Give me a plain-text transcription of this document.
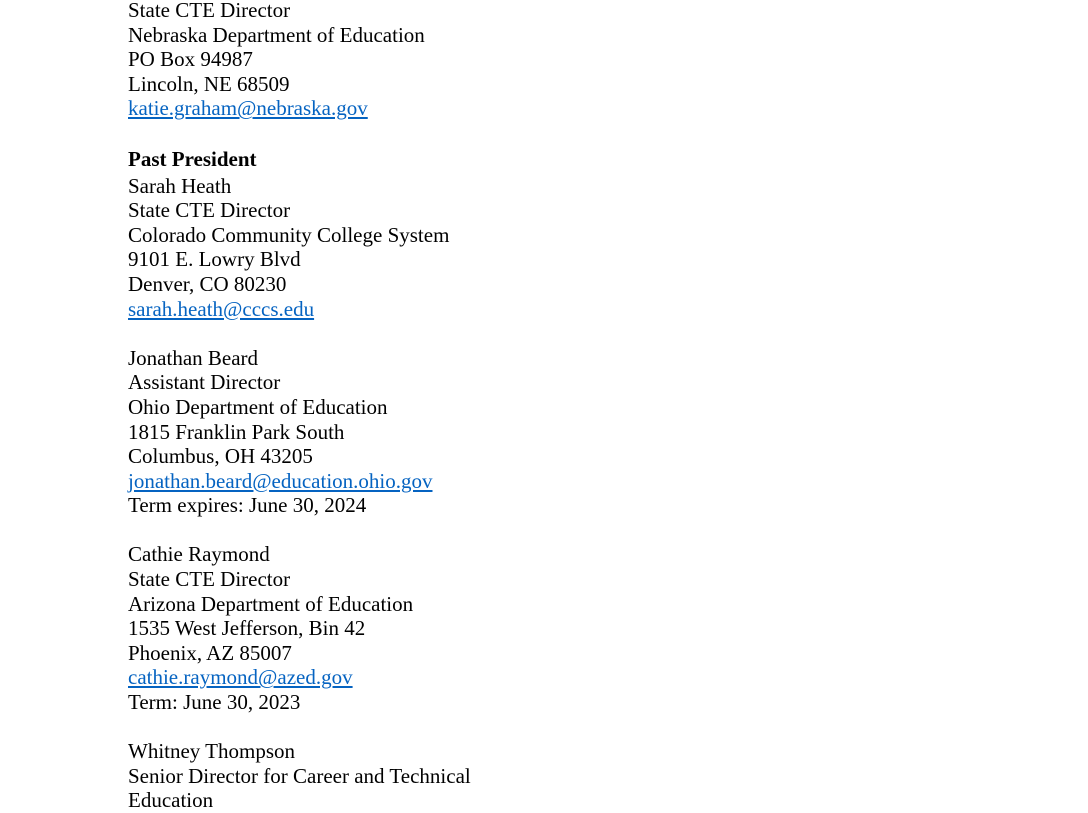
State CTE Director
Nebraska Department of Education
PO Box 94987
Lincoln, NE 68509
katie.graham@nebraska.gov
Past President
Sarah Heath
State CTE Director
Colorado Community College System
9101 E. Lowry Blvd
Denver, CO 80230
sarah.heath@cccs.edu
Jonathan Beard
Assistant Director
Ohio Department of Education
1815 Franklin Park South
Columbus, OH 43205
jonathan.beard@education.ohio.gov
Term expires: June 30, 2024
Cathie Raymond
State CTE Director
Arizona Department of Education
1535 West Jefferson, Bin 42
Phoenix, AZ 85007
cathie.raymond@azed.gov
Term: June 30, 2023
Whitney Thompson
Senior Director for Career and Technical
Education
